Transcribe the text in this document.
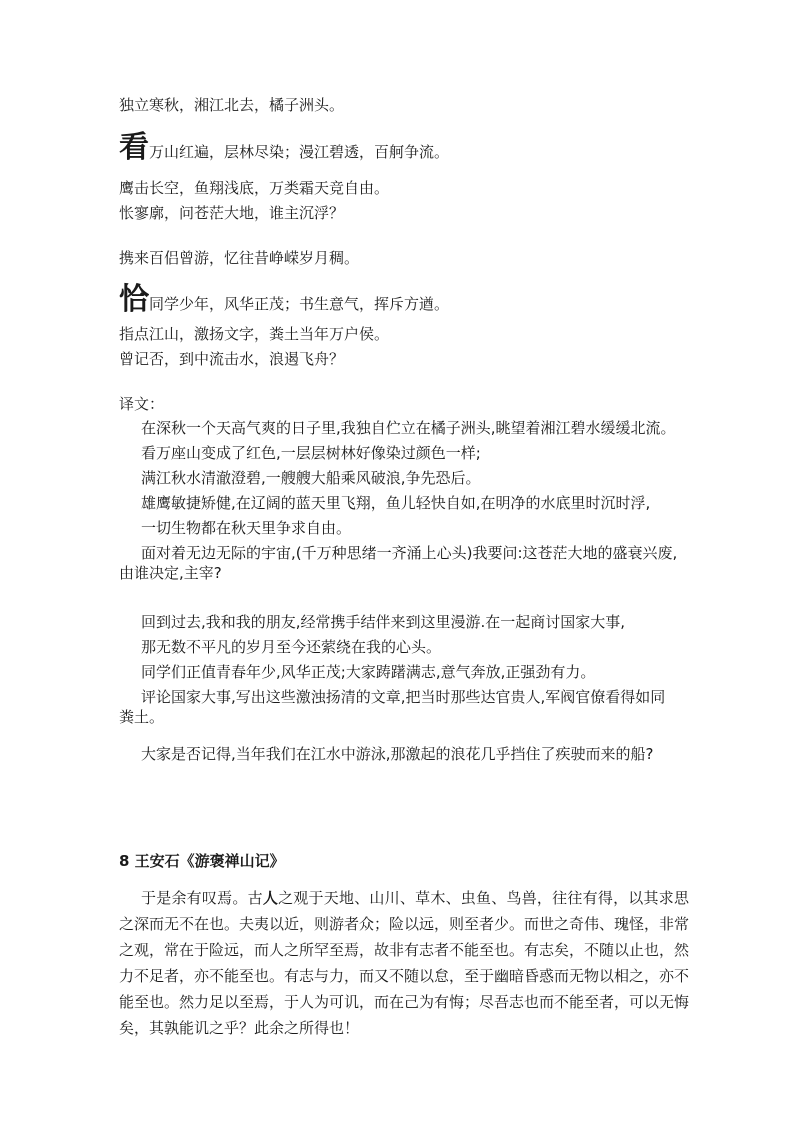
独立寒秋，湘江北去，橘子洲头。
看万山红遍，层林尽染；漫江碧透，百舸争流。
鹰击长空，鱼翔浅底，万类霜天竞自由。
怅寥廓，问苍茫大地，谁主沉浮？
携来百侣曾游，忆往昔峥嵘岁月稠。
恰同学少年，风华正茂；书生意气，挥斥方遒。
指点江山，激扬文字，粪土当年万户侯。
曾记否，到中流击水，浪遏飞舟？
译文：
在深秋一个天高气爽的日子里,我独自伫立在橘子洲头,眺望着湘江碧水缓缓北流。
看万座山变成了红色,一层层树林好像染过颜色一样;
满江秋水清澈澄碧,一艘艘大船乘风破浪,争先恐后。
雄鹰敏捷矫健,在辽阔的蓝天里飞翔，鱼儿轻快自如,在明净的水底里时沉时浮,
一切生物都在秋天里争求自由。
面对着无边无际的宇宙,(千万种思绪一齐涌上心头)我要问:这苍茫大地的盛衰兴废,由谁决定,主宰?
回到过去,我和我的朋友,经常携手结伴来到这里漫游.在一起商讨国家大事,
那无数不平凡的岁月至今还萦绕在我的心头。
同学们正值青春年少,风华正茂;大家踌躇满志,意气奔放,正强劲有力。
评论国家大事,写出这些激浊扬清的文章,把当时那些达官贵人,军阀官僚看得如同粪土。
大家是否记得,当年我们在江水中游泳,那激起的浪花几乎挡住了疾驶而来的船?
8 王安石《游褒禅山记》
于是余有叹焉。古人之观于天地、山川、草木、虫鱼、鸟兽，往往有得，以其求思之深而无不在也。夫夷以近，则游者众；险以远，则至者少。而世之奇伟、瑰怪，非常之观，常在于险远，而人之所罕至焉，故非有志者不能至也。有志矣，不随以止也，然力不足者，亦不能至也。有志与力，而又不随以怠，至于幽暗昏惑而无物以相之，亦不能至也。然力足以至焉，于人为可讥，而在己为有悔；尽吾志也而不能至者，可以无悔矣，其孰能讥之乎？此余之所得也！
